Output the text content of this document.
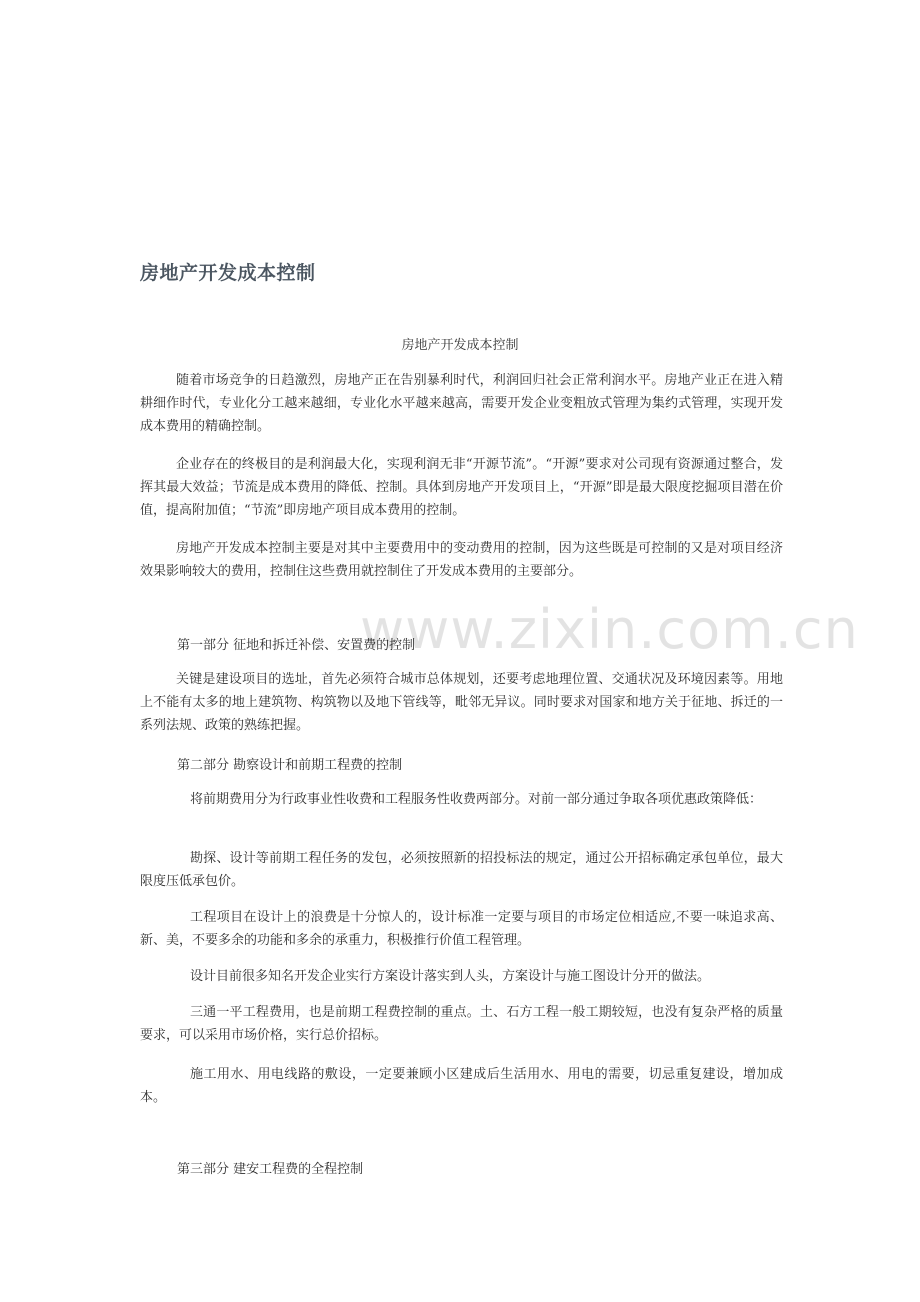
房地产开发成本控制
房地产开发成本控制
随着市场竞争的日趋激烈，房地产正在告别暴利时代，利润回归社会正常利润水平。房地产业正在进入精耕细作时代，专业化分工越来越细，专业化水平越来越高，需要开发企业变粗放式管理为集约式管理，实现开发成本费用的精确控制。
企业存在的终极目的是利润最大化，实现利润无非“开源节流”。“开源”要求对公司现有资源通过整合，发挥其最大效益；节流是成本费用的降低、控制。具体到房地产开发项目上，“开源”即是最大限度挖掘项目潜在价值，提高附加值；“节流”即房地产项目成本费用的控制。
房地产开发成本控制主要是对其中主要费用中的变动费用的控制，因为这些既是可控制的又是对项目经济效果影响较大的费用，控制住这些费用就控制住了开发成本费用的主要部分。
第一部分 征地和拆迁补偿、安置费的控制
关键是建设项目的选址，首先必须符合城市总体规划，还要考虑地理位置、交通状况及环境因素等。用地上不能有太多的地上建筑物、构筑物以及地下管线等，毗邻无异议。同时要求对国家和地方关于征地、拆迁的一系列法规、政策的熟练把握。
第二部分 勘察设计和前期工程费的控制
将前期费用分为行政事业性收费和工程服务性收费两部分。对前一部分通过争取各项优惠政策降低：
勘探、设计等前期工程任务的发包，必须按照新的招投标法的规定，通过公开招标确定承包单位，最大限度压低承包价。
工程项目在设计上的浪费是十分惊人的，设计标准一定要与项目的市场定位相适应,不要一味追求高、新、美，不要多余的功能和多余的承重力，积极推行价值工程管理。
设计目前很多知名开发企业实行方案设计落实到人头，方案设计与施工图设计分开的做法。
三通一平工程费用，也是前期工程费控制的重点。土、石方工程一般工期较短，也没有复杂严格的质量要求，可以采用市场价格，实行总价招标。
施工用水、用电线路的敷设，一定要兼顾小区建成后生活用水、用电的需要，切忌重复建设，增加成本。
第三部分 建安工程费的全程控制
www.zixin.com.cn
